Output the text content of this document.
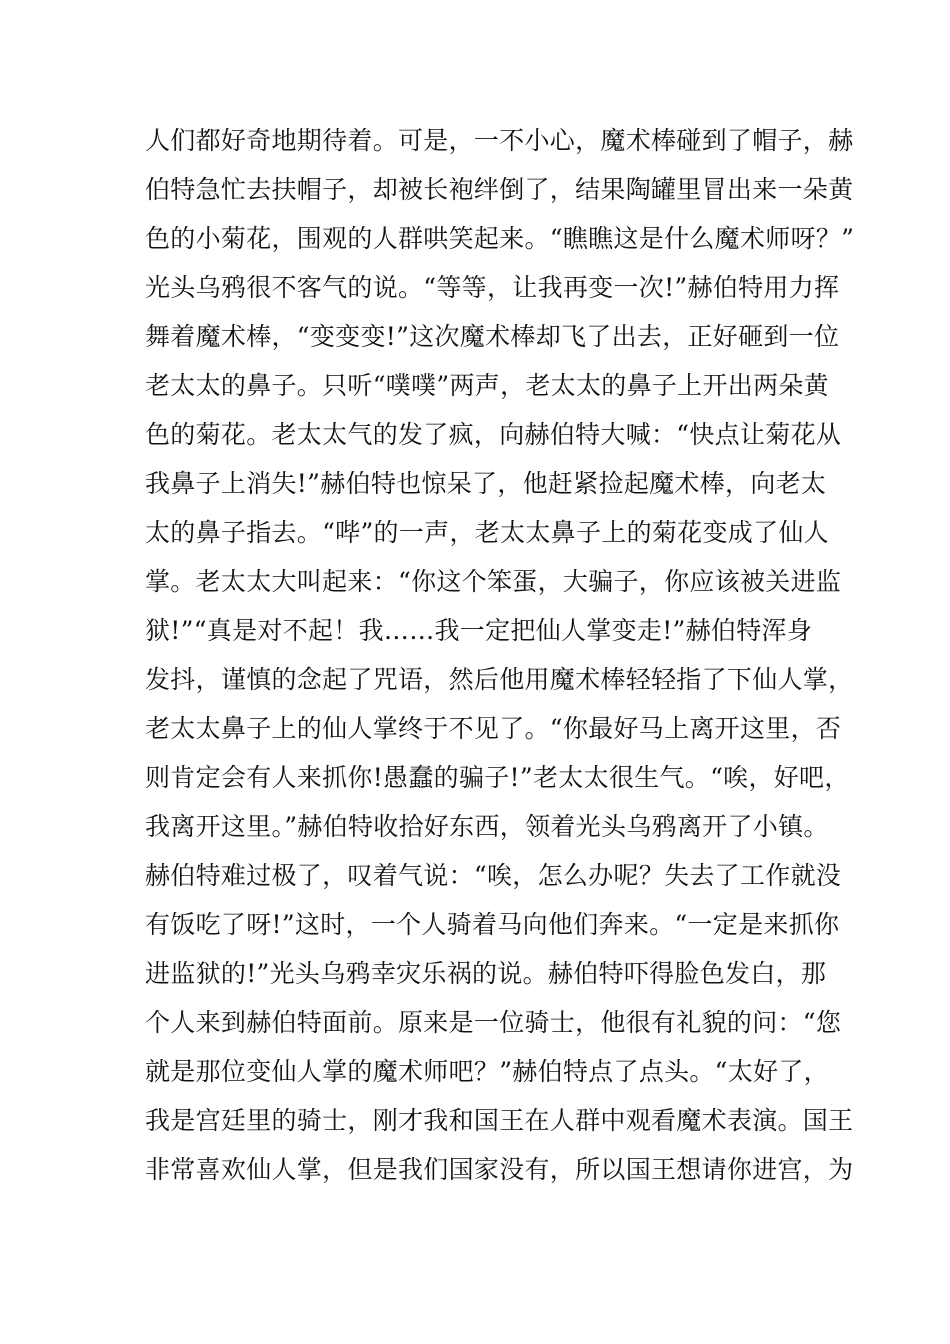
人们都好奇地期待着。可是，一不小心，魔术棒碰到了帽子，赫
伯特急忙去扶帽子，却被长袍绊倒了，结果陶罐里冒出来一朵黄
色的小菊花，围观的人群哄笑起来。“瞧瞧这是什么魔术师呀？”
光头乌鸦很不客气的说。“等等，让我再变一次!”赫伯特用力挥
舞着魔术棒，“变变变!”这次魔术棒却飞了出去，正好砸到一位
老太太的鼻子。只听“噗噗”两声，老太太的鼻子上开出两朵黄
色的菊花。老太太气的发了疯，向赫伯特大喊：“快点让菊花从
我鼻子上消失!”赫伯特也惊呆了，他赶紧捡起魔术棒，向老太
太的鼻子指去。“哔”的一声，老太太鼻子上的菊花变成了仙人
掌。老太太大叫起来：“你这个笨蛋，大骗子，你应该被关进监
狱!”“真是对不起！我……我一定把仙人掌变走!”赫伯特浑身
发抖，谨慎的念起了咒语，然后他用魔术棒轻轻指了下仙人掌，
老太太鼻子上的仙人掌终于不见了。“你最好马上离开这里，否
则肯定会有人来抓你!愚蠢的骗子!”老太太很生气。“唉，好吧，
我离开这里。”赫伯特收拾好东西，领着光头乌鸦离开了小镇。
赫伯特难过极了，叹着气说：“唉，怎么办呢？失去了工作就没
有饭吃了呀!”这时，一个人骑着马向他们奔来。“一定是来抓你
进监狱的!”光头乌鸦幸灾乐祸的说。赫伯特吓得脸色发白，那
个人来到赫伯特面前。原来是一位骑士，他很有礼貌的问：“您
就是那位变仙人掌的魔术师吧？”赫伯特点了点头。“太好了，
我是宫廷里的骑士，刚才我和国王在人群中观看魔术表演。国王
非常喜欢仙人掌，但是我们国家没有，所以国王想请你进宫，为
